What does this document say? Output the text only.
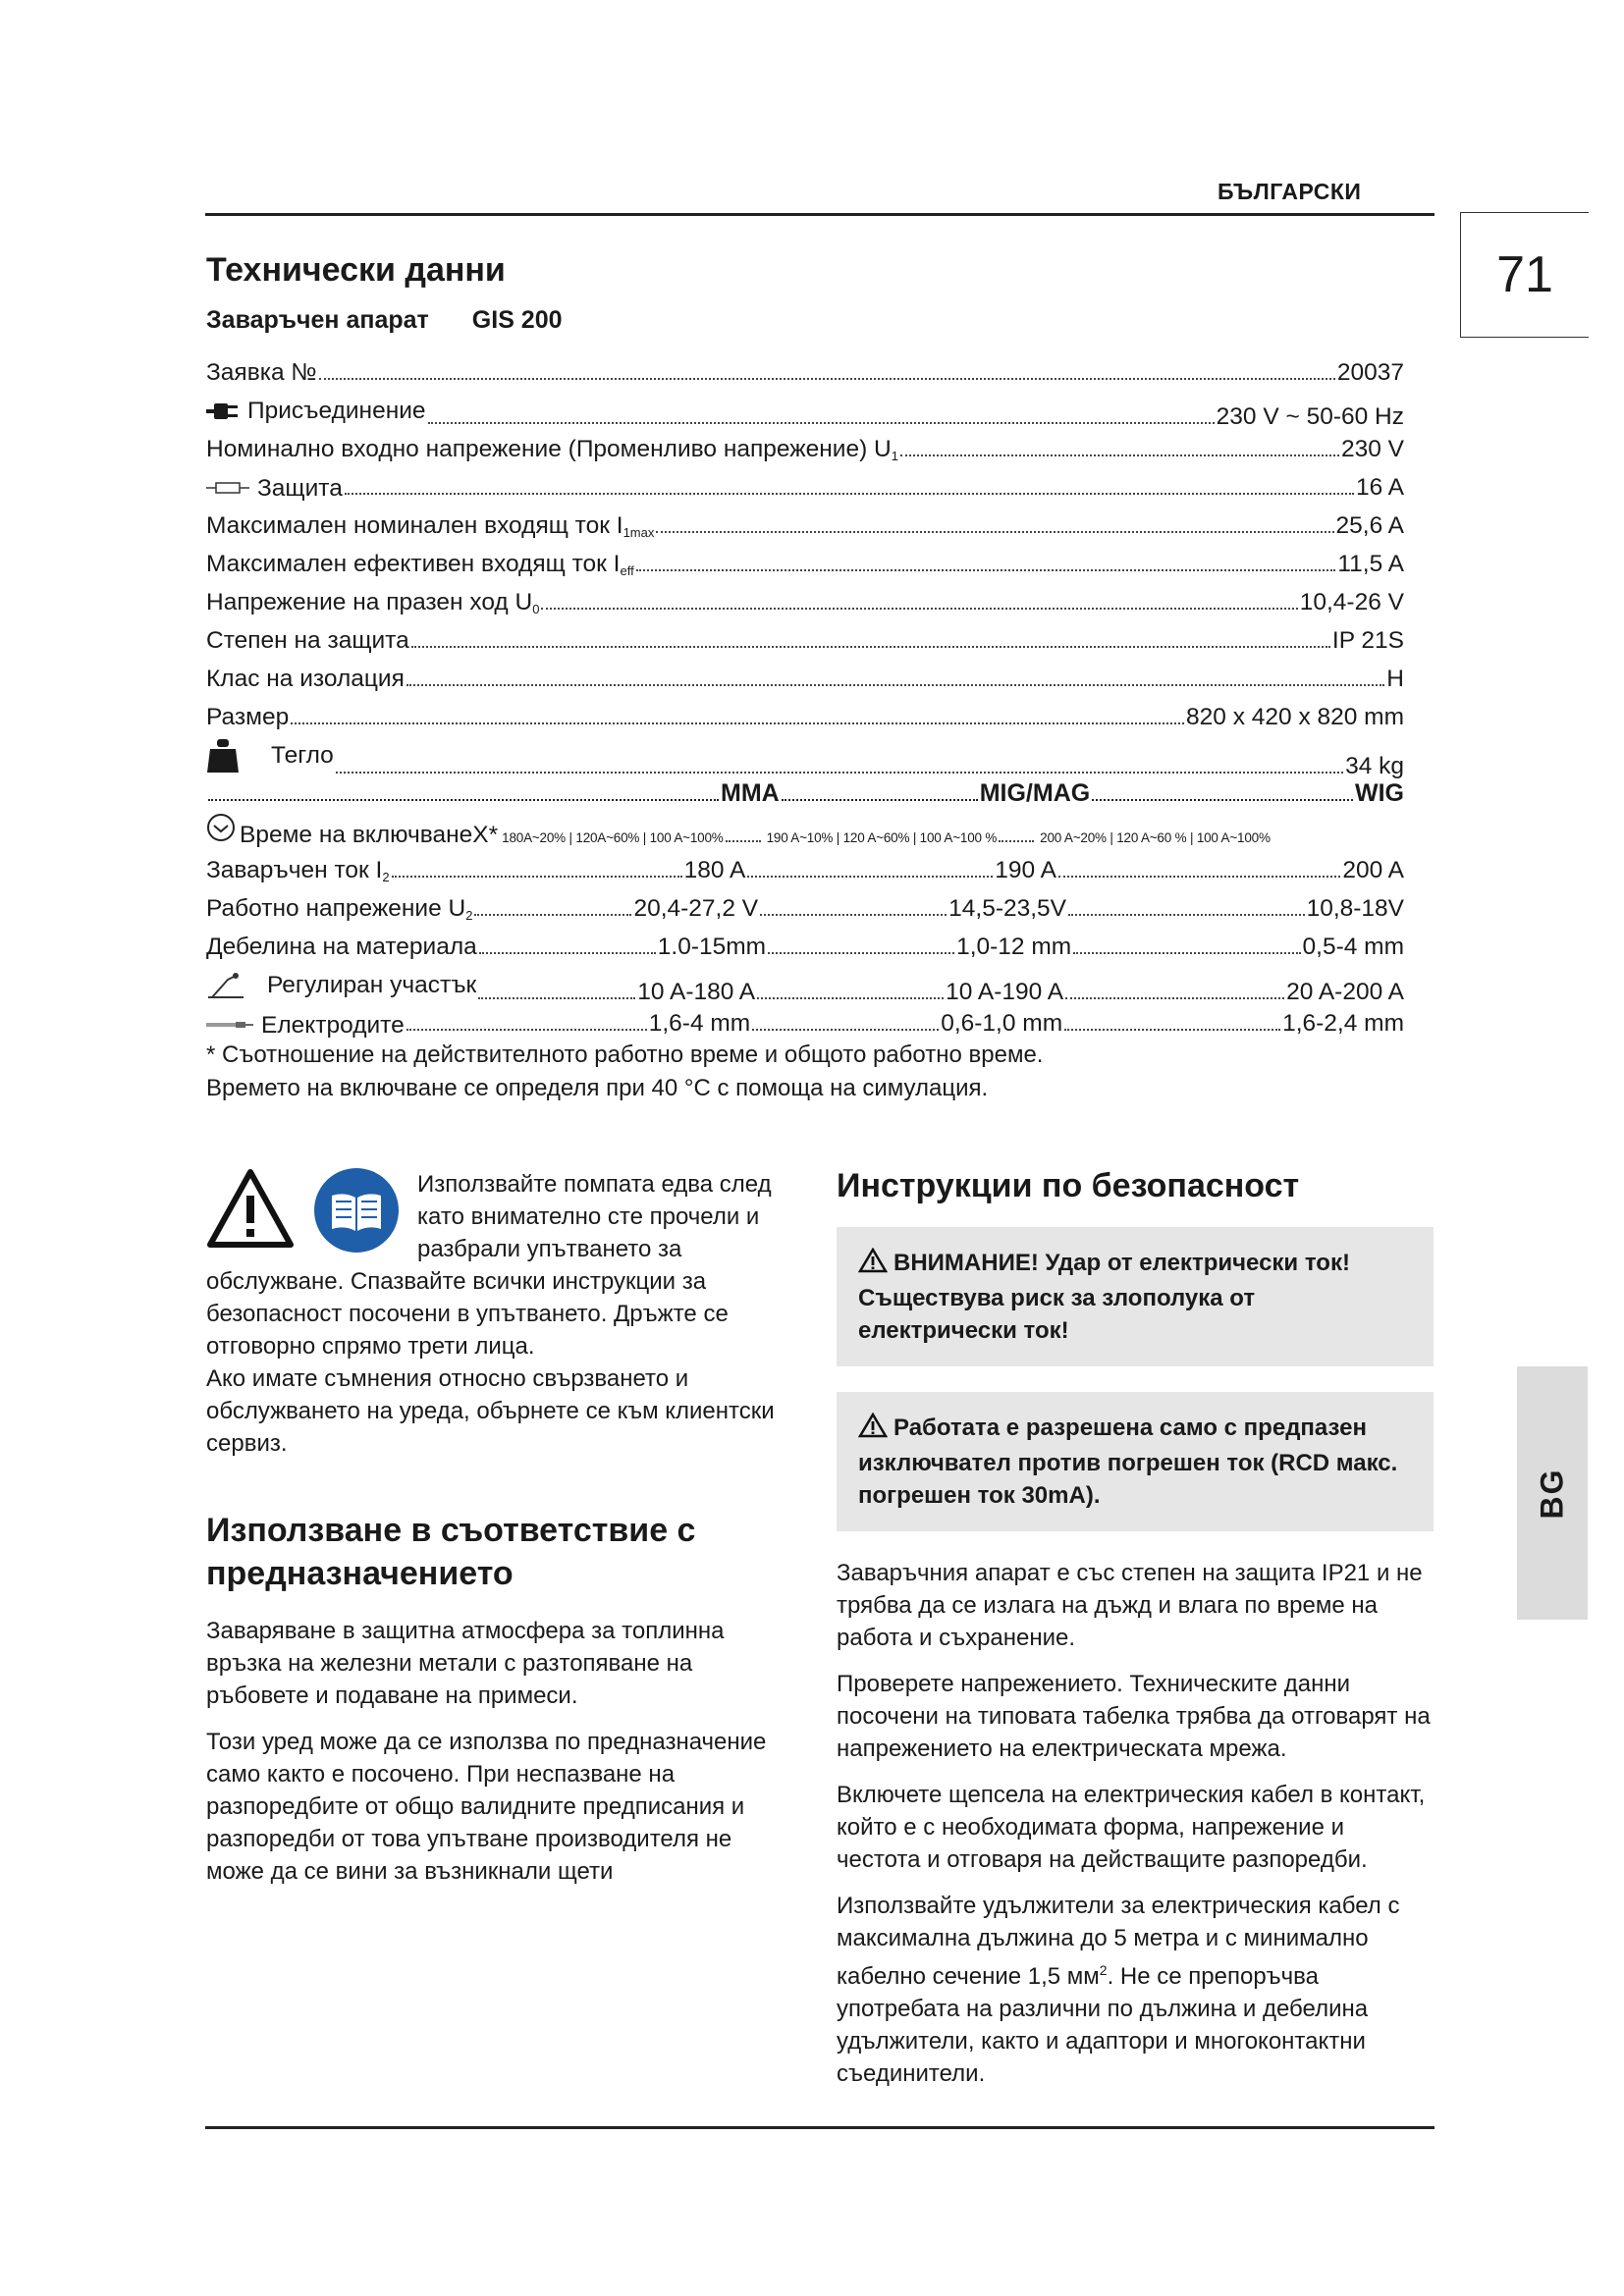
БЪЛГАРСКИ
71
BG
Технически данни
Заваръчен апарат GIS 200
Заявка №	20037
Присъединение	230 V ~ 50-60 Hz
Номинално входно напрежение (Променливо напрежение) $U_1$	230 V
Защита	16 A
Максимален номинален входящ ток $I_{1max}$	25,6 A
Максимален ефективен входящ ток $I_{eff}$	11,5 A
Напрежение на празен ход $U_0$	10,4-26 V
Степен на защита	IP 21S
Клас на изолация	H
Размер	820 x 420 x 820 mm
Тегло	34 kg
MMA	MIG/MAG	WIG
Време на включванеX* 180A~20% | 120A~60% | 100 A~100%	190 A~10% | 120 A~60% | 100 A~100 %	200 A~20% | 120 A~60 % | 100 A~100%
Заваръчен ток $I_2$	180 A	190 A	200 A
Работно напрежение $U_2$	20,4-27,2 V	14,5-23,5V	10,8-18V
Дебелина на материала	1.0-15mm	1,0-12 mm	0,5-4 mm
Регулиран участък	10 A-180 A	10 A-190 A	20 A-200 A
Електродите	1,6-4 mm	0,6-1,0 mm	1,6-2,4 mm
* Съотношение на действителното работно време и общото работно време.
Времето на включване се определя при 40 °C с помоща на симулация.
Използвайте помпата едва след
като внимателно сте прочели и
разбрали упътването за
обслужване. Спазвайте всички инструкции за безопасност посочени в упътването. Дръжте се отговорно спрямо трети лица.
Ако имате съмнения относно свързването и обслужването на уреда, обърнете се към клиентски сервиз.
Използване в съответствие с предназначението
Заваряване в защитна атмосфера за топлинна връзка на железни метали с разтопяване на ръбовете и подаване на примеси.
Този уред може да се използва по предназначение само както е посочено. При неспазване на разпоредбите от общо валидните предписания и разпоредби от това упътване производителя не може да се вини за възникнали щети
Инструкции по безопасност
ВНИМАНИЕ! Удар от електрически ток! Съществува риск за злополука от електрически ток!
Работата е разрешена само с предпазен изключвател против погрешен ток (RCD макс. погрешен ток 30mA).
Заваръчния апарат е със степен на защита IP21 и не трябва да се излага на дъжд и влага по време на работа и съхранение.
Проверете напрежението. Техническите данни посочени на типовата табелка трябва да отговарят на напрежението на електрическата мрежа.
Включете щепсела на електрическия кабел в контакт, който е с необходимата форма, напрежение и честота и отговаря на действащите разпоредби.
Използвайте удължители за електрическия кабел с максимална дължина до 5 метра и с минимално кабелно сечение 1,5 $мм^2$. Не се препоръчва употребата на различни по дължина и дебелина удължители, както и адаптори и многоконтактни съединители.
